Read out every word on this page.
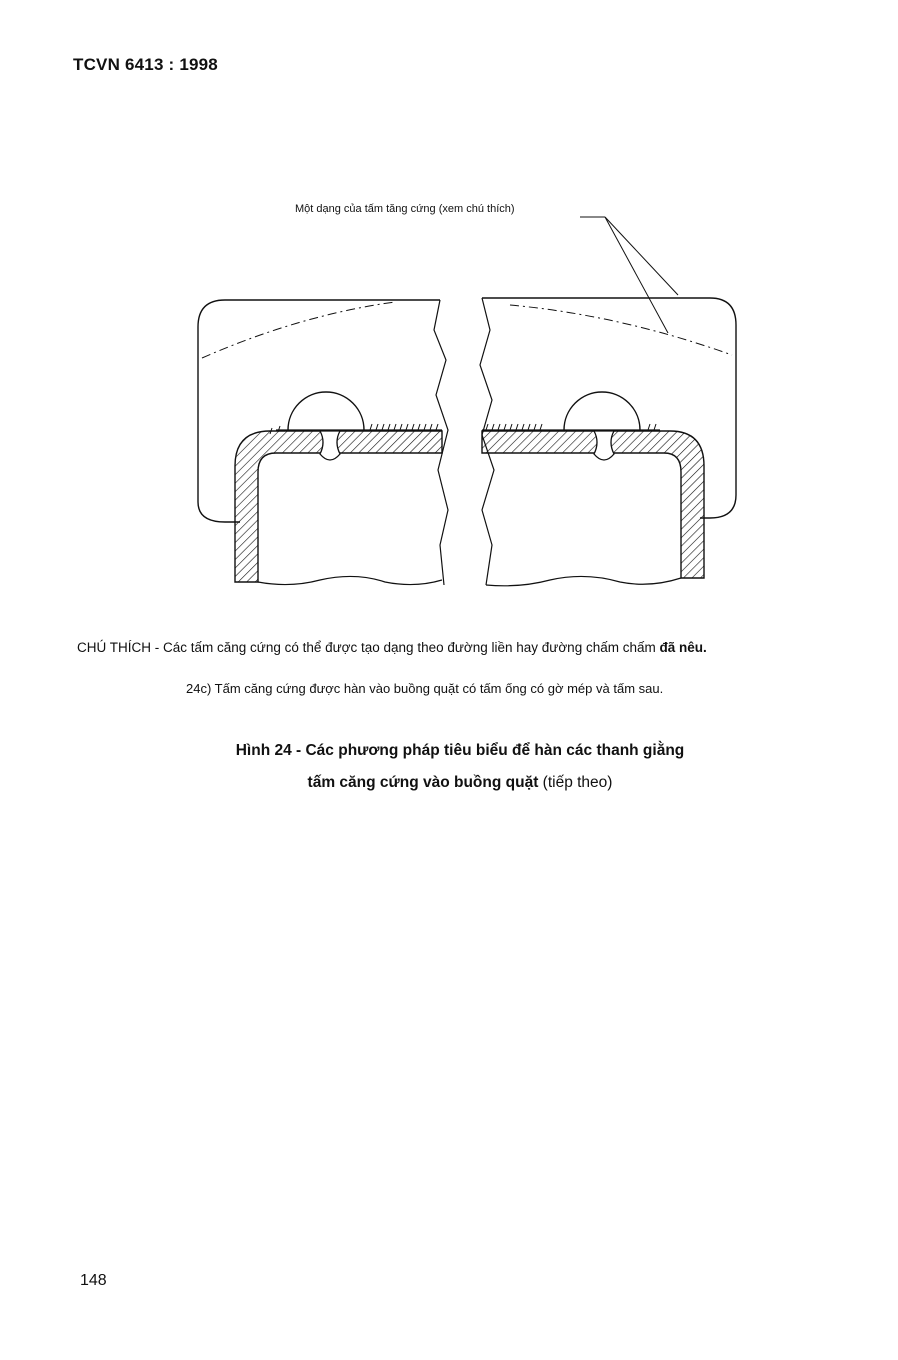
TCVN 6413 : 1998
Một dạng của tấm tăng cứng (xem chú thích)
CHÚ THÍCH - Các tấm căng cứng có thể được tạo dạng theo đường liền hay đường chấm chấm đã nêu.
24c) Tấm căng cứng được hàn vào buồng quặt có tấm ống có gờ mép và tấm sau.
Hình 24 - Các phương pháp tiêu biểu để hàn các thanh giằng
tấm căng cứng vào buồng quặt (tiếp theo)
148
